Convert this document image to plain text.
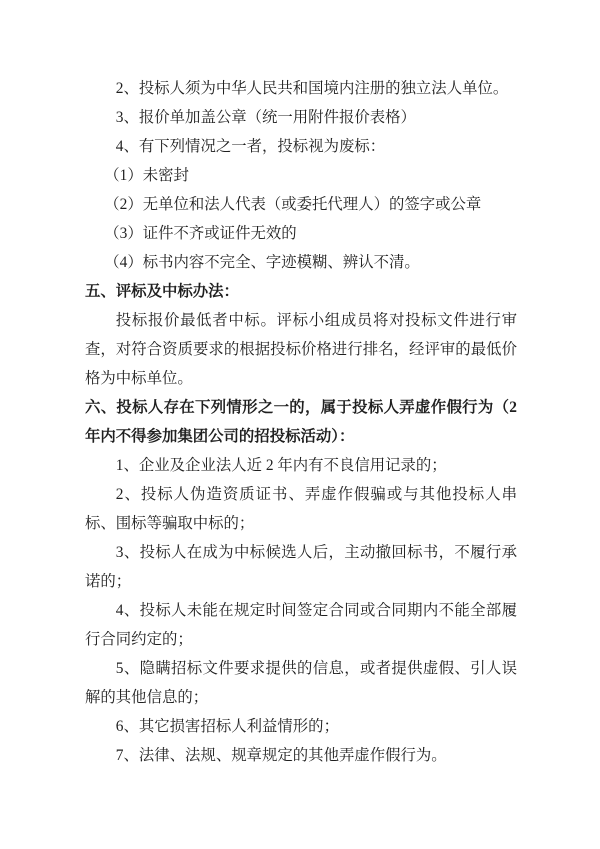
2、投标人须为中华人民共和国境内注册的独立法人单位。

3、报价单加盖公章（统一用附件报价表格）

4、有下列情况之一者，投标视为废标：

（1）未密封

（2）无单位和法人代表（或委托代理人）的签字或公章

（3）证件不齐或证件无效的

（4）标书内容不完全、字迹模糊、辨认不清。

五、评标及中标办法：

投标报价最低者中标。评标小组成员将对投标文件进行审查，对符合资质要求的根据投标价格进行排名，经评审的最低价格为中标单位。

六、投标人存在下列情形之一的，属于投标人弄虚作假行为（2年内不得参加集团公司的招投标活动）：

1、企业及企业法人近 2 年内有不良信用记录的；

2、投标人伪造资质证书、弄虚作假骗或与其他投标人串标、围标等骗取中标的；

3、投标人在成为中标候选人后，主动撤回标书，不履行承诺的；

4、投标人未能在规定时间签定合同或合同期内不能全部履行合同约定的；

5、隐瞒招标文件要求提供的信息，或者提供虚假、引人误解的其他信息的；

6、其它损害招标人利益情形的；

7、法律、法规、规章规定的其他弄虚作假行为。
